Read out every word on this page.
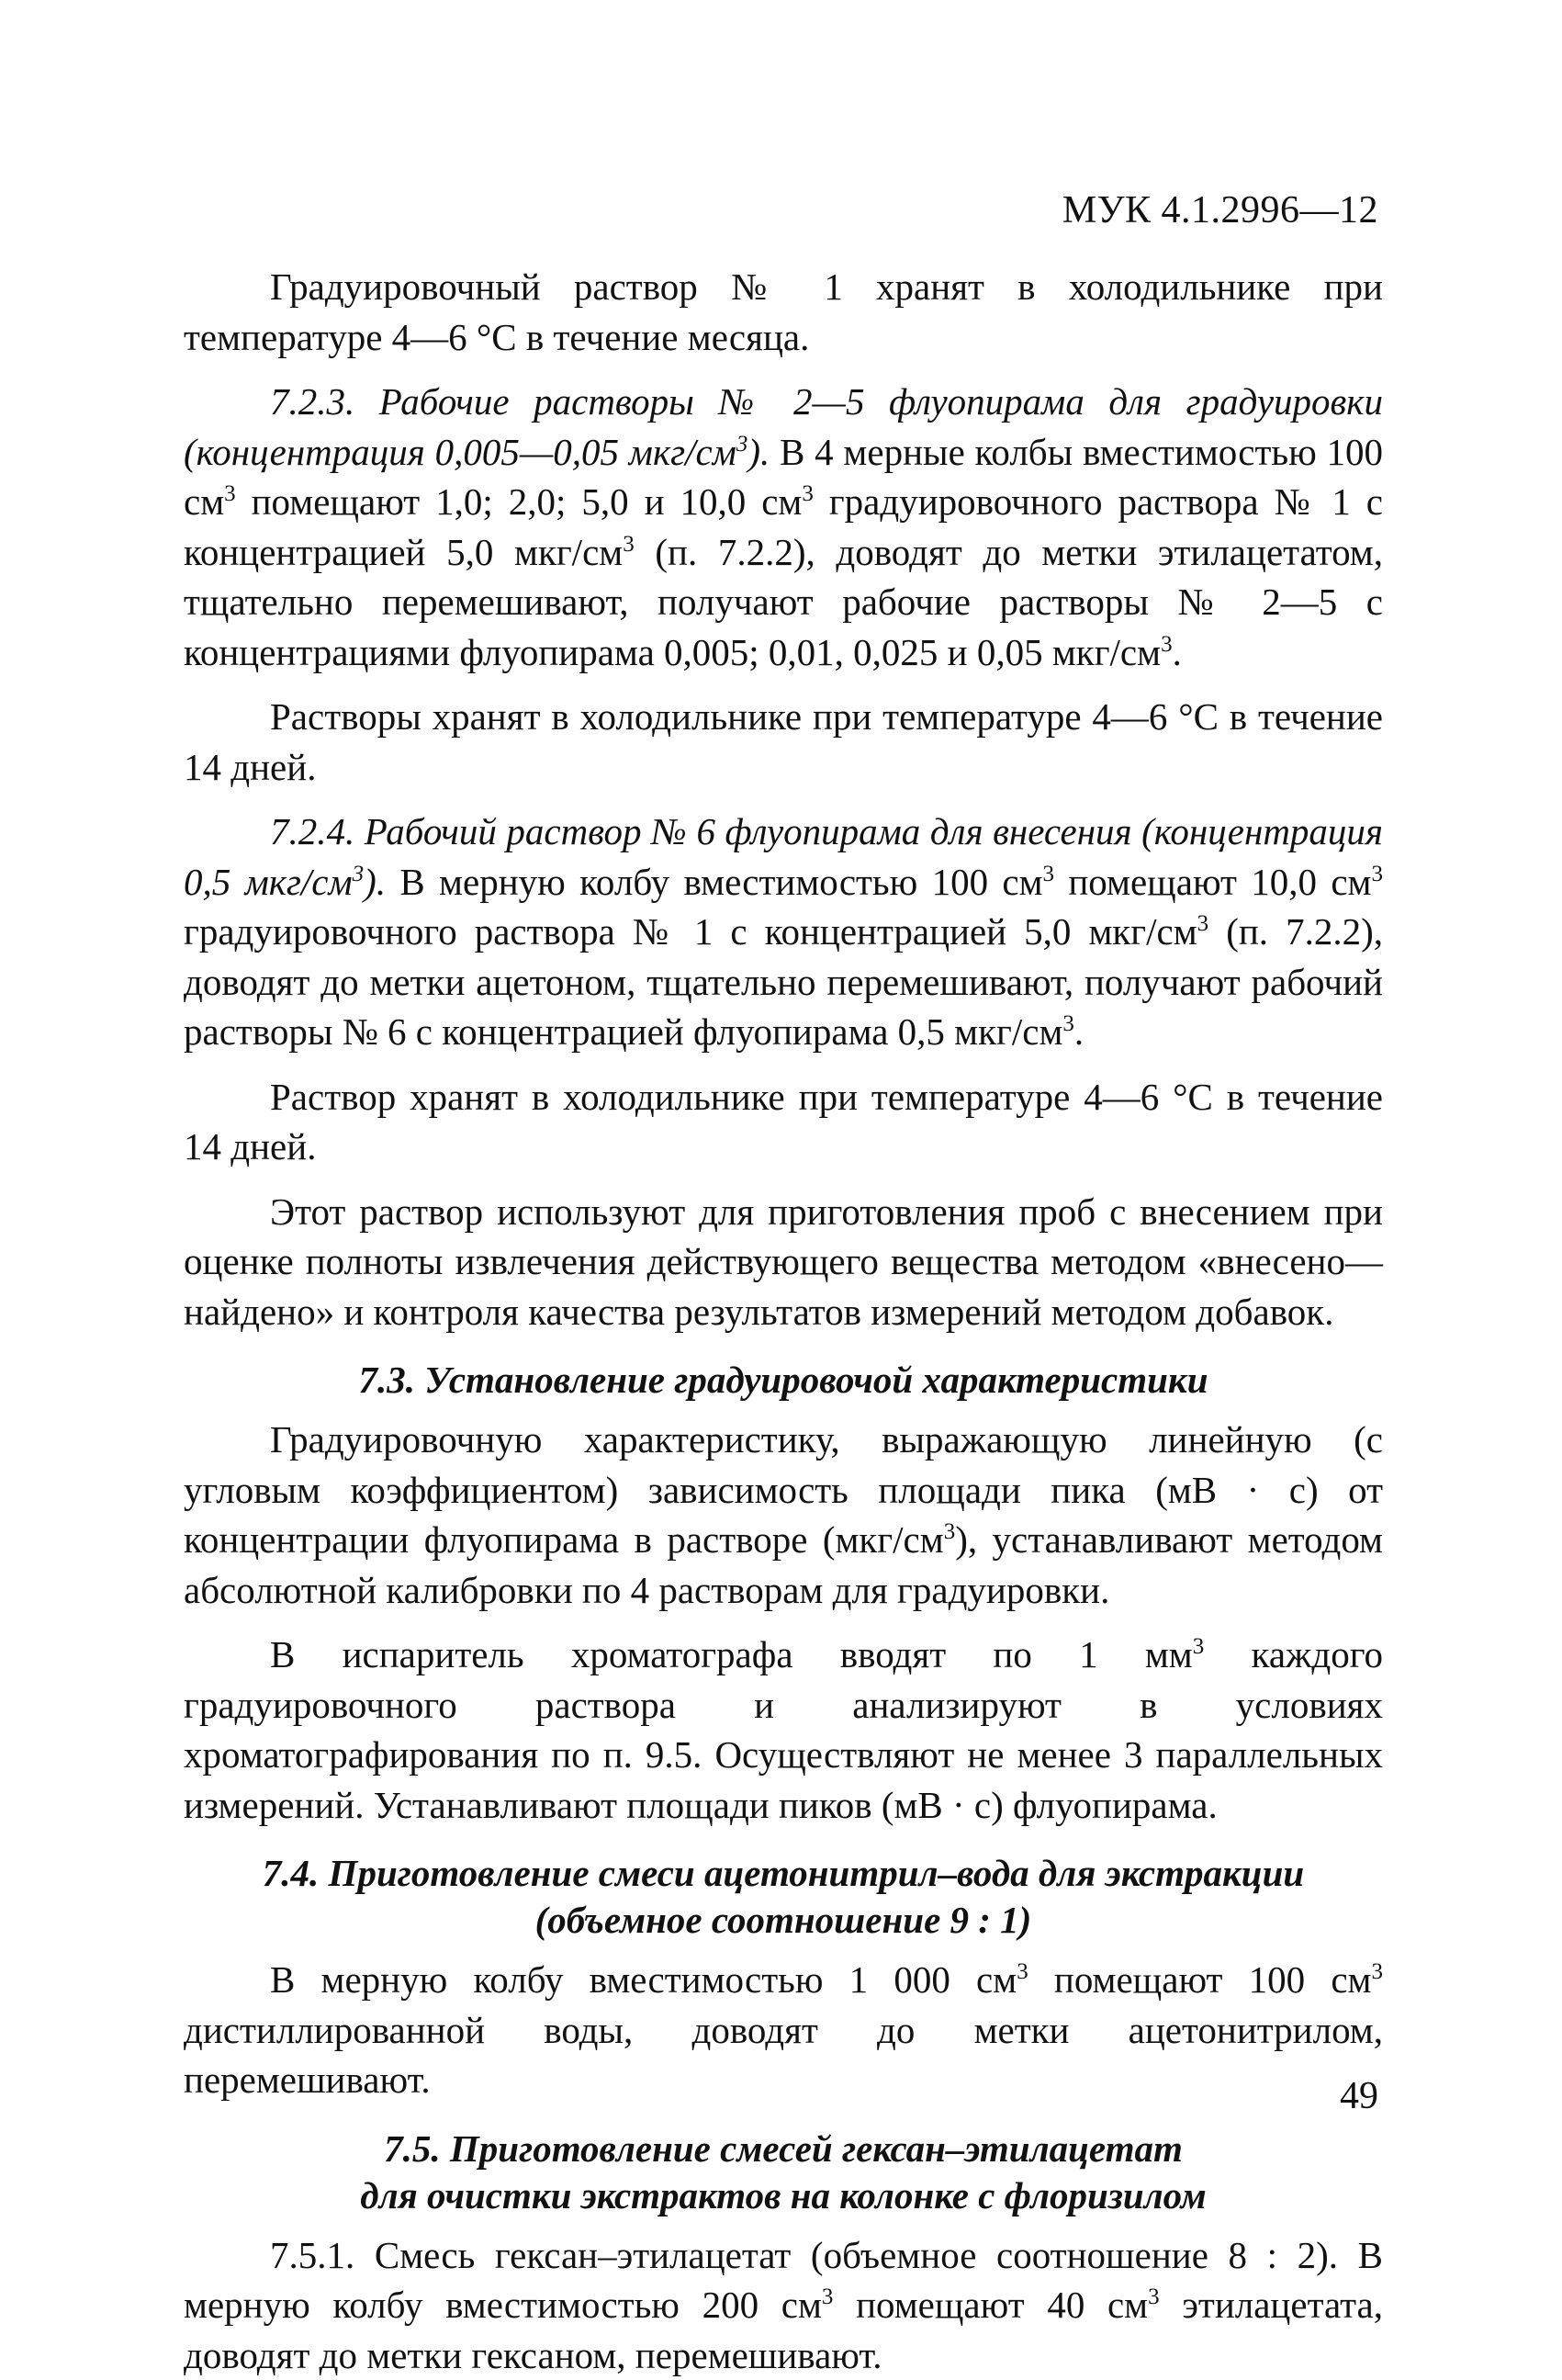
МУК 4.1.2996—12

Градуировочный раствор № 1 хранят в холодильнике при температуре 4—6 °С в течение месяца.

7.2.3. Рабочие растворы № 2—5 флуопирама для градуировки (концентрация 0,005—0,05 мкг/$см^3$). В 4 мерные колбы вместимостью 100 $см^3$ помещают 1,0; 2,0; 5,0 и 10,0 $см^3$ градуировочного раствора № 1 с концентрацией 5,0 мкг/$см^3$ (п. 7.2.2), доводят до метки этилацетатом, тщательно перемешивают, получают рабочие растворы № 2—5 с концентрациями флуопирама 0,005; 0,01, 0,025 и 0,05 мкг/$см^3$.

Растворы хранят в холодильнике при температуре 4—6 °С в течение 14 дней.

7.2.4. Рабочий раствор № 6 флуопирама для внесения (концентрация 0,5 мкг/$см^3$). В мерную колбу вместимостью 100 $см^3$ помещают 10,0 $см^3$ градуировочного раствора № 1 с концентрацией 5,0 мкг/$см^3$ (п. 7.2.2), доводят до метки ацетоном, тщательно перемешивают, получают рабочий растворы № 6 с концентрацией флуопирама 0,5 мкг/$см^3$.

Раствор хранят в холодильнике при температуре 4—6 °С в течение 14 дней.

Этот раствор используют для приготовления проб с внесением при оценке полноты извлечения действующего вещества методом «внесено—найдено» и контроля качества результатов измерений методом добавок.

7.3. Установление градуировочой характеристики

Градуировочную характеристику, выражающую линейную (с угловым коэффициентом) зависимость площади пика (мВ · с) от концентрации флуопирама в растворе $(мкг/см^3)$, устанавливают методом абсолютной калибровки по 4 растворам для градуировки.

В испаритель хроматографа вводят по 1 $мм^3$ каждого градуировочного раствора и анализируют в условиях хроматографирования по п. 9.5. Осуществляют не менее 3 параллельных измерений. Устанавливают площади пиков (мВ · с) флуопирама.

7.4. Приготовление смеси ацетонитрил–вода для экстракции
(объемное соотношение 9 : 1)

В мерную колбу вместимостью 1 000 $см^3$ помещают 100 $см^3$ дистиллированной воды, доводят до метки ацетонитрилом, перемешивают.

7.5. Приготовление смесей гексан–этилацетат
для очистки экстрактов на колонке с флоризилом

7.5.1. Смесь гексан–этилацетат (объемное соотношение 8 : 2). В мерную колбу вместимостью 200 $см^3$ помещают 40 $см^3$ этилацетата, доводят до метки гексаном, перемешивают.

49
